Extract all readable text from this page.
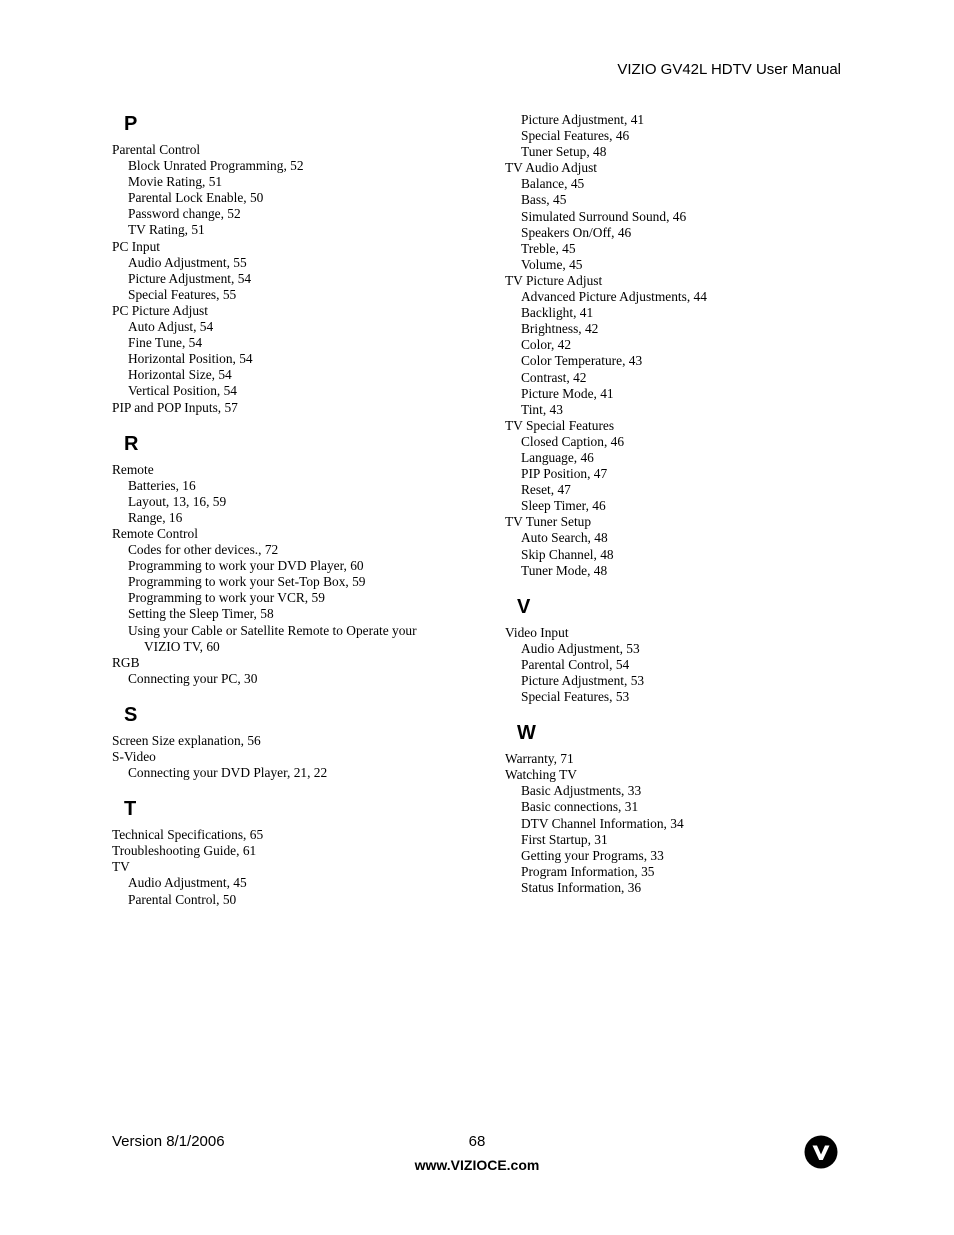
VIZIO GV42L HDTV User Manual
P
Parental Control
Block Unrated Programming, 52
Movie Rating, 51
Parental Lock Enable, 50
Password change, 52
TV Rating, 51
PC Input
Audio Adjustment, 55
Picture Adjustment, 54
Special Features, 55
PC Picture Adjust
Auto Adjust, 54
Fine Tune, 54
Horizontal Position, 54
Horizontal Size, 54
Vertical Position, 54
PIP and POP Inputs, 57
R
Remote
Batteries, 16
Layout, 13, 16, 59
Range, 16
Remote Control
Codes for other devices., 72
Programming to work your DVD Player, 60
Programming to work your Set-Top Box, 59
Programming to work your VCR, 59
Setting the Sleep Timer, 58
Using your Cable or Satellite Remote to Operate your
VIZIO TV, 60
RGB
Connecting your PC, 30
S
Screen Size explanation, 56
S-Video
Connecting your DVD Player, 21, 22
T
Technical Specifications, 65
Troubleshooting Guide, 61
TV
Audio Adjustment, 45
Parental Control, 50
Picture Adjustment, 41
Special Features, 46
Tuner Setup, 48
TV Audio Adjust
Balance, 45
Bass, 45
Simulated Surround Sound, 46
Speakers On/Off, 46
Treble, 45
Volume, 45
TV Picture Adjust
Advanced Picture Adjustments, 44
Backlight, 41
Brightness, 42
Color, 42
Color Temperature, 43
Contrast, 42
Picture Mode, 41
Tint, 43
TV Special Features
Closed Caption, 46
Language, 46
PIP Position, 47
Reset, 47
Sleep Timer, 46
TV Tuner Setup
Auto Search, 48
Skip Channel, 48
Tuner Mode, 48
V
Video Input
Audio Adjustment, 53
Parental Control, 54
Picture Adjustment, 53
Special Features, 53
W
Warranty, 71
Watching TV
Basic Adjustments, 33
Basic connections, 31
DTV Channel Information, 34
First Startup, 31
Getting your Programs, 33
Program Information, 35
Status Information, 36
Version 8/1/2006	68
www.VIZIOCE.com
